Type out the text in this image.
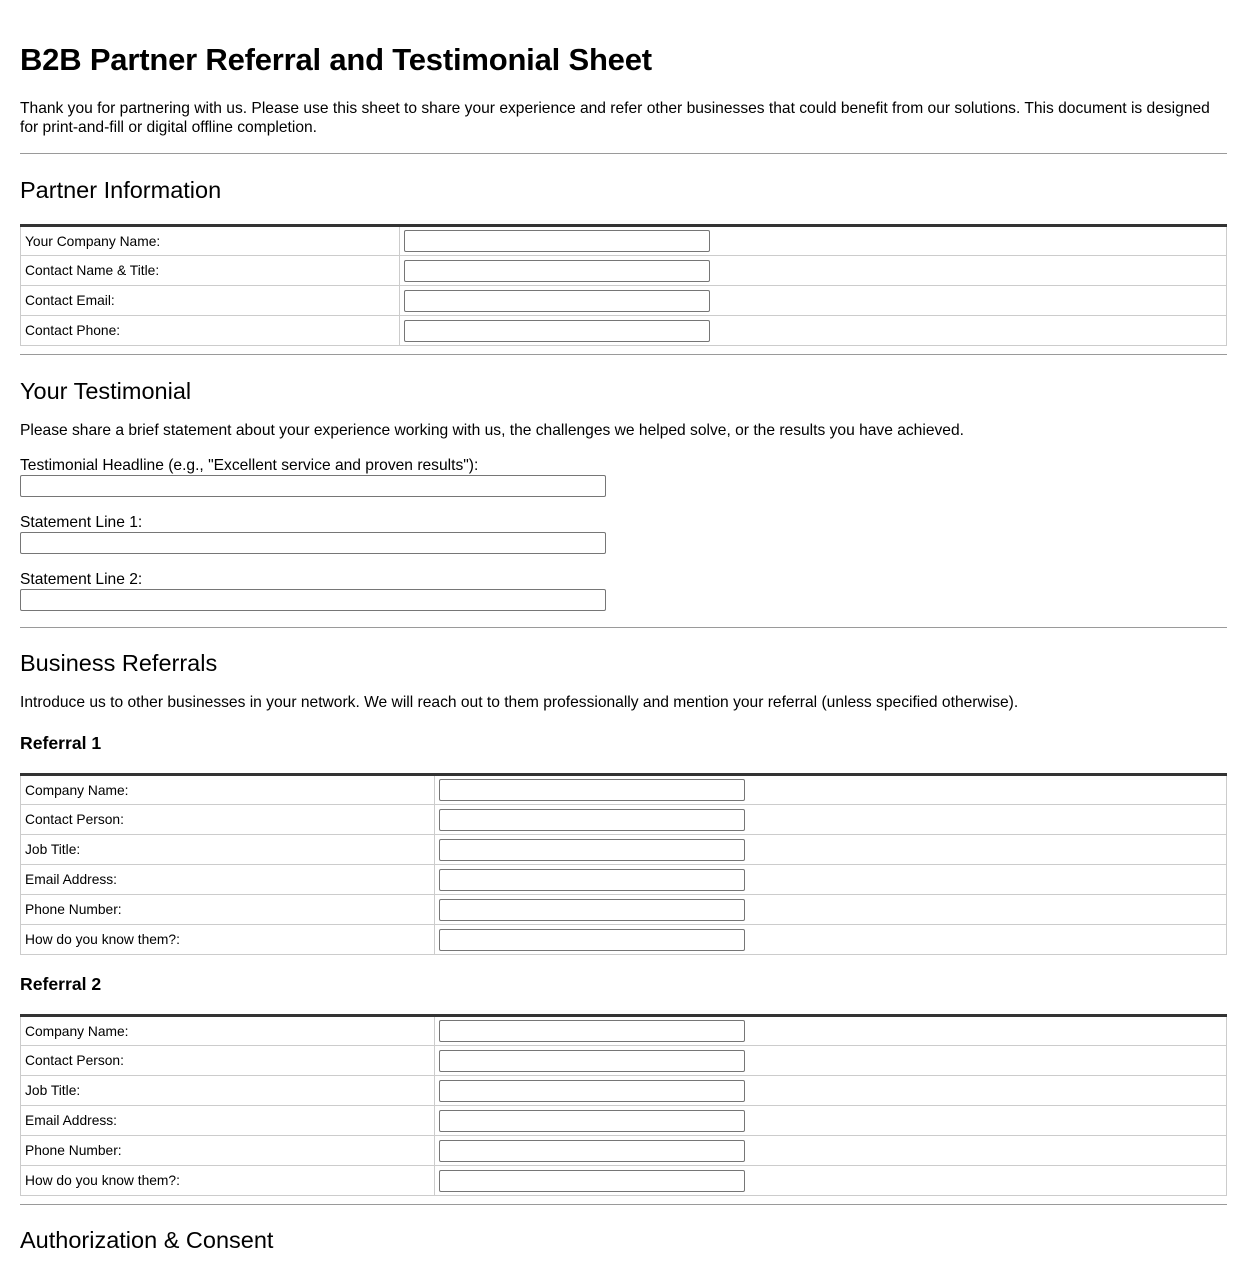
B2B Partner Referral and Testimonial Sheet

Thank you for partnering with us. Please use this sheet to share your experience and refer other businesses that could benefit from our solutions. This document is designed for print-and-fill or digital offline completion.

Partner Information
Your Company Name:	

Contact Name & Title:	

Contact Email:	

Contact Phone:	
Your Testimonial

Please share a brief statement about your experience working with us, the challenges we helped solve, or the results you have achieved.

Testimonial Headline (e.g., "Excellent service and proven results"):

Statement Line 1:

Statement Line 2:

Business Referrals

Introduce us to other businesses in your network. We will reach out to them professionally and mention your referral (unless specified otherwise).

Referral 1
Company Name:	

Contact Person:	

Job Title:	

Email Address:	

Phone Number:	

How do you know them?:	
Referral 2
Company Name:	

Contact Person:	

Job Title:	

Email Address:	

Phone Number:	

How do you know them?:	
Authorization & Consent
